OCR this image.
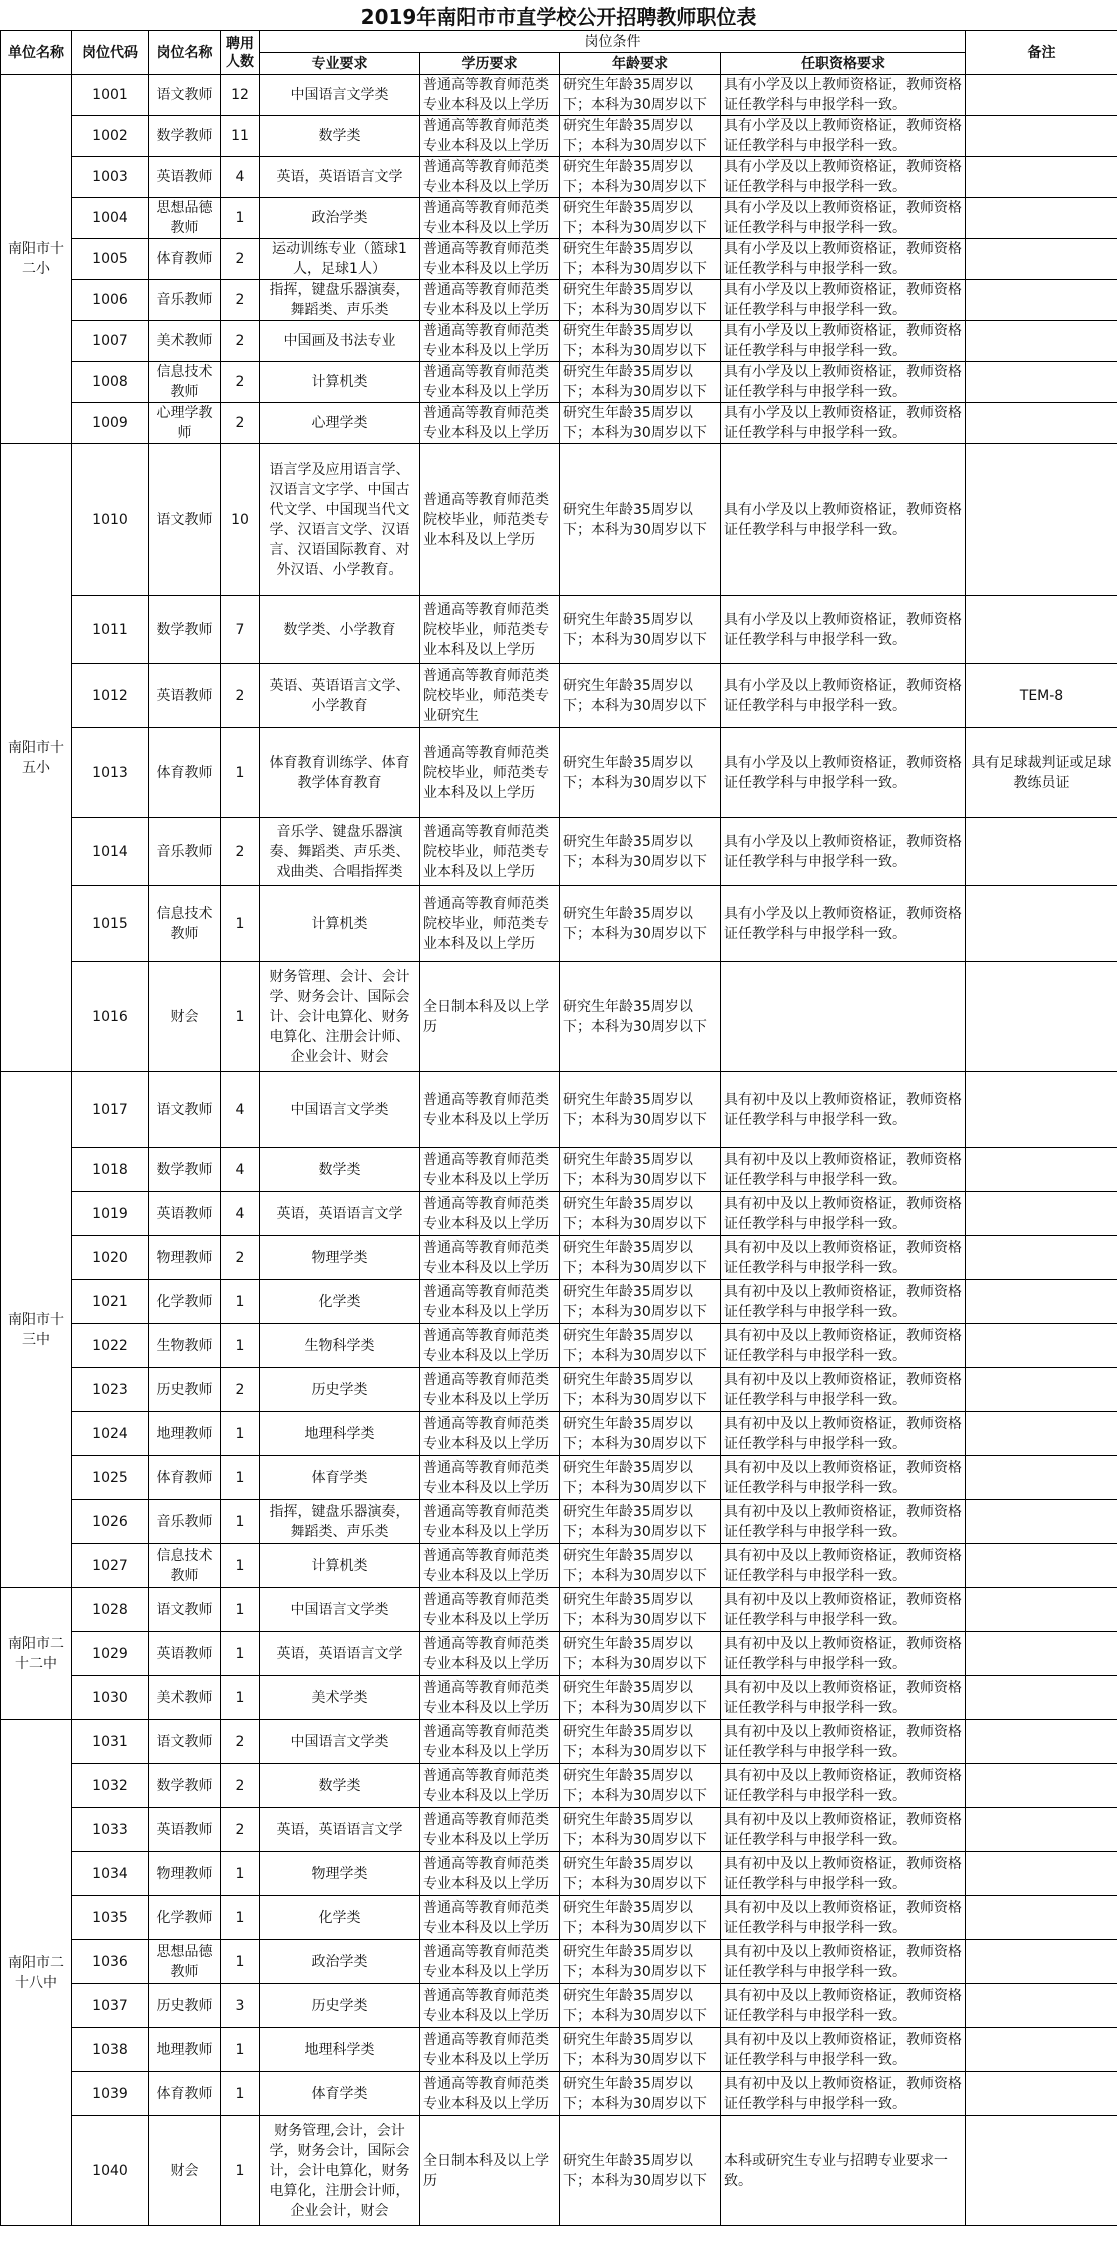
2019年南阳市市直学校公开招聘教师职位表
单位名称	岗位代码	岗位名称	聘用人数	岗位条件				备注
				专业要求	学历要求	年龄要求	任职资格要求	
南阳市十二小	1001	语文教师	12	中国语言文学类	普通高等教育师范类专业本科及以上学历	研究生年龄35周岁以下；本科为30周岁以下	具有小学及以上教师资格证，教师资格证任教学科与申报学科一致。	
	1002	数学教师	11	数学类	普通高等教育师范类专业本科及以上学历	研究生年龄35周岁以下；本科为30周岁以下	具有小学及以上教师资格证，教师资格证任教学科与申报学科一致。	
	1003	英语教师	4	英语，英语语言文学	普通高等教育师范类专业本科及以上学历	研究生年龄35周岁以下；本科为30周岁以下	具有小学及以上教师资格证，教师资格证任教学科与申报学科一致。	
	1004	思想品德教师	1	政治学类	普通高等教育师范类专业本科及以上学历	研究生年龄35周岁以下；本科为30周岁以下	具有小学及以上教师资格证，教师资格证任教学科与申报学科一致。	
	1005	体育教师	2	运动训练专业（篮球1人，足球1人）	普通高等教育师范类专业本科及以上学历	研究生年龄35周岁以下；本科为30周岁以下	具有小学及以上教师资格证，教师资格证任教学科与申报学科一致。	
	1006	音乐教师	2	指挥，键盘乐器演奏，舞蹈类、声乐类	普通高等教育师范类专业本科及以上学历	研究生年龄35周岁以下；本科为30周岁以下	具有小学及以上教师资格证，教师资格证任教学科与申报学科一致。	
	1007	美术教师	2	中国画及书法专业	普通高等教育师范类专业本科及以上学历	研究生年龄35周岁以下；本科为30周岁以下	具有小学及以上教师资格证，教师资格证任教学科与申报学科一致。	
	1008	信息技术教师	2	计算机类	普通高等教育师范类专业本科及以上学历	研究生年龄35周岁以下；本科为30周岁以下	具有小学及以上教师资格证，教师资格证任教学科与申报学科一致。	
	1009	心理学教师	2	心理学类	普通高等教育师范类专业本科及以上学历	研究生年龄35周岁以下；本科为30周岁以下	具有小学及以上教师资格证，教师资格证任教学科与申报学科一致。	
南阳市十五小	1010	语文教师	10	语言学及应用语言学、汉语言文字学、中国古代文学、中国现当代文学、汉语言文学、汉语言、汉语国际教育、对外汉语、小学教育。	普通高等教育师范类院校毕业，师范类专业本科及以上学历	研究生年龄35周岁以下；本科为30周岁以下	具有小学及以上教师资格证，教师资格证任教学科与申报学科一致。	
	1011	数学教师	7	数学类、小学教育	普通高等教育师范类院校毕业，师范类专业本科及以上学历	研究生年龄35周岁以下；本科为30周岁以下	具有小学及以上教师资格证，教师资格证任教学科与申报学科一致。	
	1012	英语教师	2	英语、英语语言文学、小学教育	普通高等教育师范类院校毕业，师范类专业研究生	研究生年龄35周岁以下；本科为30周岁以下	具有小学及以上教师资格证，教师资格证任教学科与申报学科一致。	TEM-8
	1013	体育教师	1	体育教育训练学、体育教学体育教育	普通高等教育师范类院校毕业，师范类专业本科及以上学历	研究生年龄35周岁以下；本科为30周岁以下	具有小学及以上教师资格证，教师资格证任教学科与申报学科一致。	具有足球裁判证或足球教练员证
	1014	音乐教师	2	音乐学、键盘乐器演奏、舞蹈类、声乐类、戏曲类、合唱指挥类	普通高等教育师范类院校毕业，师范类专业本科及以上学历	研究生年龄35周岁以下；本科为30周岁以下	具有小学及以上教师资格证，教师资格证任教学科与申报学科一致。	
	1015	信息技术教师	1	计算机类	普通高等教育师范类院校毕业，师范类专业本科及以上学历	研究生年龄35周岁以下；本科为30周岁以下	具有小学及以上教师资格证，教师资格证任教学科与申报学科一致。	
	1016	财会	1	财务管理、会计、会计学、财务会计、国际会计、会计电算化、财务电算化、注册会计师、企业会计、财会	全日制本科及以上学历	研究生年龄35周岁以下；本科为30周岁以下		
南阳市十三中	1017	语文教师	4	中国语言文学类	普通高等教育师范类专业本科及以上学历	研究生年龄35周岁以下；本科为30周岁以下	具有初中及以上教师资格证，教师资格证任教学科与申报学科一致。	
	1018	数学教师	4	数学类	普通高等教育师范类专业本科及以上学历	研究生年龄35周岁以下；本科为30周岁以下	具有初中及以上教师资格证，教师资格证任教学科与申报学科一致。	
	1019	英语教师	4	英语，英语语言文学	普通高等教育师范类专业本科及以上学历	研究生年龄35周岁以下；本科为30周岁以下	具有初中及以上教师资格证，教师资格证任教学科与申报学科一致。	
	1020	物理教师	2	物理学类	普通高等教育师范类专业本科及以上学历	研究生年龄35周岁以下；本科为30周岁以下	具有初中及以上教师资格证，教师资格证任教学科与申报学科一致。	
	1021	化学教师	1	化学类	普通高等教育师范类专业本科及以上学历	研究生年龄35周岁以下；本科为30周岁以下	具有初中及以上教师资格证，教师资格证任教学科与申报学科一致。	
	1022	生物教师	1	生物科学类	普通高等教育师范类专业本科及以上学历	研究生年龄35周岁以下；本科为30周岁以下	具有初中及以上教师资格证，教师资格证任教学科与申报学科一致。	
	1023	历史教师	2	历史学类	普通高等教育师范类专业本科及以上学历	研究生年龄35周岁以下；本科为30周岁以下	具有初中及以上教师资格证，教师资格证任教学科与申报学科一致。	
	1024	地理教师	1	地理科学类	普通高等教育师范类专业本科及以上学历	研究生年龄35周岁以下；本科为30周岁以下	具有初中及以上教师资格证，教师资格证任教学科与申报学科一致。	
	1025	体育教师	1	体育学类	普通高等教育师范类专业本科及以上学历	研究生年龄35周岁以下；本科为30周岁以下	具有初中及以上教师资格证，教师资格证任教学科与申报学科一致。	
	1026	音乐教师	1	指挥，键盘乐器演奏，舞蹈类、声乐类	普通高等教育师范类专业本科及以上学历	研究生年龄35周岁以下；本科为30周岁以下	具有初中及以上教师资格证，教师资格证任教学科与申报学科一致。	
	1027	信息技术教师	1	计算机类	普通高等教育师范类专业本科及以上学历	研究生年龄35周岁以下；本科为30周岁以下	具有初中及以上教师资格证，教师资格证任教学科与申报学科一致。	
南阳市二十二中	1028	语文教师	1	中国语言文学类	普通高等教育师范类专业本科及以上学历	研究生年龄35周岁以下；本科为30周岁以下	具有初中及以上教师资格证，教师资格证任教学科与申报学科一致。	
	1029	英语教师	1	英语，英语语言文学	普通高等教育师范类专业本科及以上学历	研究生年龄35周岁以下；本科为30周岁以下	具有初中及以上教师资格证，教师资格证任教学科与申报学科一致。	
	1030	美术教师	1	美术学类	普通高等教育师范类专业本科及以上学历	研究生年龄35周岁以下；本科为30周岁以下	具有初中及以上教师资格证，教师资格证任教学科与申报学科一致。	
南阳市二十八中	1031	语文教师	2	中国语言文学类	普通高等教育师范类专业本科及以上学历	研究生年龄35周岁以下；本科为30周岁以下	具有初中及以上教师资格证，教师资格证任教学科与申报学科一致。	
	1032	数学教师	2	数学类	普通高等教育师范类专业本科及以上学历	研究生年龄35周岁以下；本科为30周岁以下	具有初中及以上教师资格证，教师资格证任教学科与申报学科一致。	
	1033	英语教师	2	英语，英语语言文学	普通高等教育师范类专业本科及以上学历	研究生年龄35周岁以下；本科为30周岁以下	具有初中及以上教师资格证，教师资格证任教学科与申报学科一致。	
	1034	物理教师	1	物理学类	普通高等教育师范类专业本科及以上学历	研究生年龄35周岁以下；本科为30周岁以下	具有初中及以上教师资格证，教师资格证任教学科与申报学科一致。	
	1035	化学教师	1	化学类	普通高等教育师范类专业本科及以上学历	研究生年龄35周岁以下；本科为30周岁以下	具有初中及以上教师资格证，教师资格证任教学科与申报学科一致。	
	1036	思想品德教师	1	政治学类	普通高等教育师范类专业本科及以上学历	研究生年龄35周岁以下；本科为30周岁以下	具有初中及以上教师资格证，教师资格证任教学科与申报学科一致。	
	1037	历史教师	3	历史学类	普通高等教育师范类专业本科及以上学历	研究生年龄35周岁以下；本科为30周岁以下	具有初中及以上教师资格证，教师资格证任教学科与申报学科一致。	
	1038	地理教师	1	地理科学类	普通高等教育师范类专业本科及以上学历	研究生年龄35周岁以下；本科为30周岁以下	具有初中及以上教师资格证，教师资格证任教学科与申报学科一致。	
	1039	体育教师	1	体育学类	普通高等教育师范类专业本科及以上学历	研究生年龄35周岁以下；本科为30周岁以下	具有初中及以上教师资格证，教师资格证任教学科与申报学科一致。	
	1040	财会	1	财务管理,会计，会计学，财务会计，国际会计，会计电算化，财务电算化，注册会计师，企业会计，财会	全日制本科及以上学历	研究生年龄35周岁以下；本科为30周岁以下	本科或研究生专业与招聘专业要求一致。	
